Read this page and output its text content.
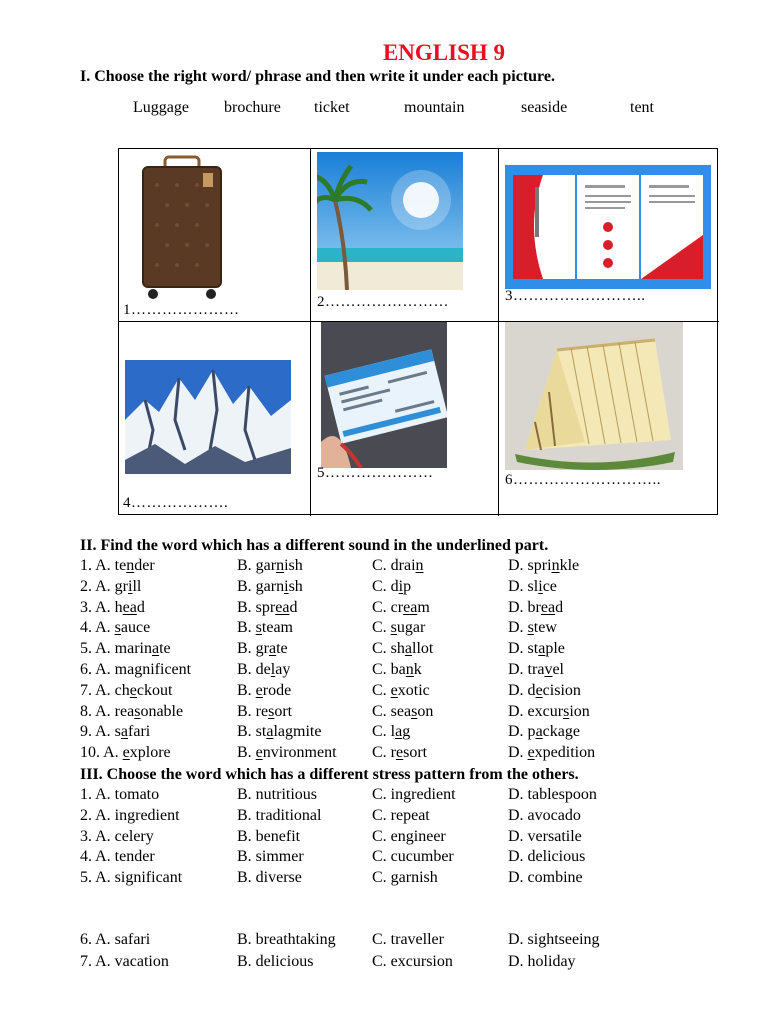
ENGLISH 9
I. Choose the right word/ phrase and then write it under each picture.
Luggage brochure ticket	mountain	seaside	tent
1…………………	2……………………	3……………………..
4……………….
5…………………	6………………………..
II. Find the word which has a different sound in the underlined part.
1. A. tender	B. garnish	C. drain	D. sprinkle
2. A. grill	B. garnish	C. dip	D. slice
3. A. head	B. spread	C. cream	D. bread
4. A. sauce	B. steam	C. sugar	D. stew
5. A. marinate	B. grate	C. shallot	D. staple
6. A. magnificent	B. delay	C. bank	D. travel
7. A. checkout	B. erode	C. exotic	D. decision
8. A. reasonable	B. resort	C. season	D. excursion
9. A. safari	B. stalagmite	C. lag	D. package
10. A. explore	B. environment C. resort	D. expedition
III. Choose the word which has a different stress pattern from the others.
1. A. tomato	B. nutritious	C. ingredient	D. tablespoon
2. A. ingredient	B. traditional	C. repeat	D. avocado
3. A. celery	B. benefit	C. engineer	D. versatile
4. A. tender	B. simmer	C. cucumber	D. delicious
5. A. significant	B. diverse	C. garnish	D. combine
6. A. safari	B. breathtaking C. traveller	D. sightseeing
7. A. vacation	B. delicious	C. excursion	D. holiday
